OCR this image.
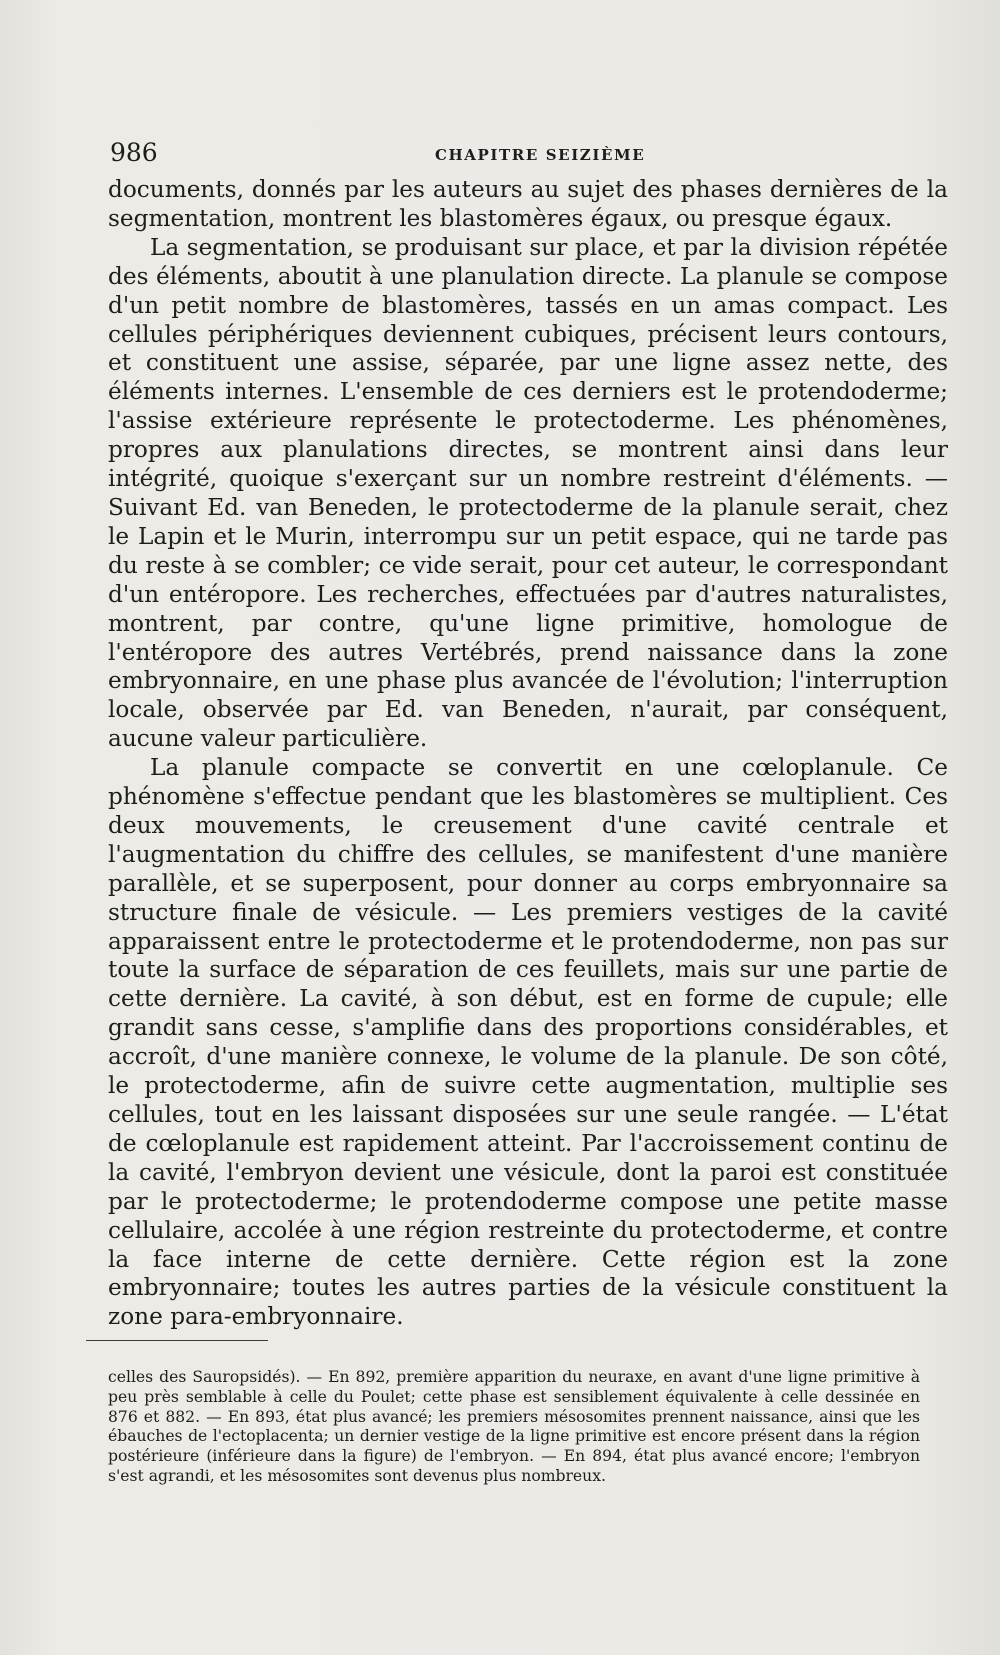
986	CHAPITRE SEIZIÈME

documents, donnés par les auteurs au sujet des phases dernières de la segmentation, montrent les blastomères égaux, ou presque égaux.

La segmentation, se produisant sur place, et par la division répétée des éléments, aboutit à une planulation directe. La planule se compose d'un petit nombre de blastomères, tassés en un amas compact. Les cellules périphériques deviennent cubiques, précisent leurs contours, et constituent une assise, séparée, par une ligne assez nette, des éléments internes. L'ensemble de ces derniers est le protendoderme; l'assise extérieure représente le protectoderme. Les phénomènes, propres aux planulations directes, se montrent ainsi dans leur intégrité, quoique s'exerçant sur un nombre restreint d'éléments. — Suivant Ed. van Beneden, le protectoderme de la planule serait, chez le Lapin et le Murin, interrompu sur un petit espace, qui ne tarde pas du reste à se combler; ce vide serait, pour cet auteur, le correspondant d'un entéropore. Les recherches, effectuées par d'autres naturalistes, montrent, par contre, qu'une ligne primitive, homologue de l'entéropore des autres Vertébrés, prend naissance dans la zone embryonnaire, en une phase plus avancée de l'évolution; l'interruption locale, observée par Ed. van Beneden, n'aurait, par conséquent, aucune valeur particulière.

La planule compacte se convertit en une cœloplanule. Ce phénomène s'effectue pendant que les blastomères se multiplient. Ces deux mouvements, le creusement d'une cavité centrale et l'augmentation du chiffre des cellules, se manifestent d'une manière parallèle, et se superposent, pour donner au corps embryonnaire sa structure finale de vésicule. — Les premiers vestiges de la cavité apparaissent entre le protectoderme et le protendoderme, non pas sur toute la surface de séparation de ces feuillets, mais sur une partie de cette dernière. La cavité, à son début, est en forme de cupule; elle grandit sans cesse, s'amplifie dans des proportions considérables, et accroît, d'une manière connexe, le volume de la planule. De son côté, le protectoderme, afin de suivre cette augmentation, multiplie ses cellules, tout en les laissant disposées sur une seule rangée. — L'état de cœloplanule est rapidement atteint. Par l'accroissement continu de la cavité, l'embryon devient une vésicule, dont la paroi est constituée par le protectoderme; le protendoderme compose une petite masse cellulaire, accolée à une région restreinte du protectoderme, et contre la face interne de cette dernière. Cette région est la zone embryonnaire; toutes les autres parties de la vésicule constituent la zone para-embryonnaire.

celles des Sauropsidés). — En 892, première apparition du neuraxe, en avant d'une ligne primitive à peu près semblable à celle du Poulet; cette phase est sensiblement équivalente à celle dessinée en 876 et 882. — En 893, état plus avancé; les premiers mésosomites prennent naissance, ainsi que les ébauches de l'ectoplacenta; un dernier vestige de la ligne primitive est encore présent dans la région postérieure (inférieure dans la figure) de l'embryon. — En 894, état plus avancé encore; l'embryon s'est agrandi, et les mésosomites sont devenus plus nombreux.
